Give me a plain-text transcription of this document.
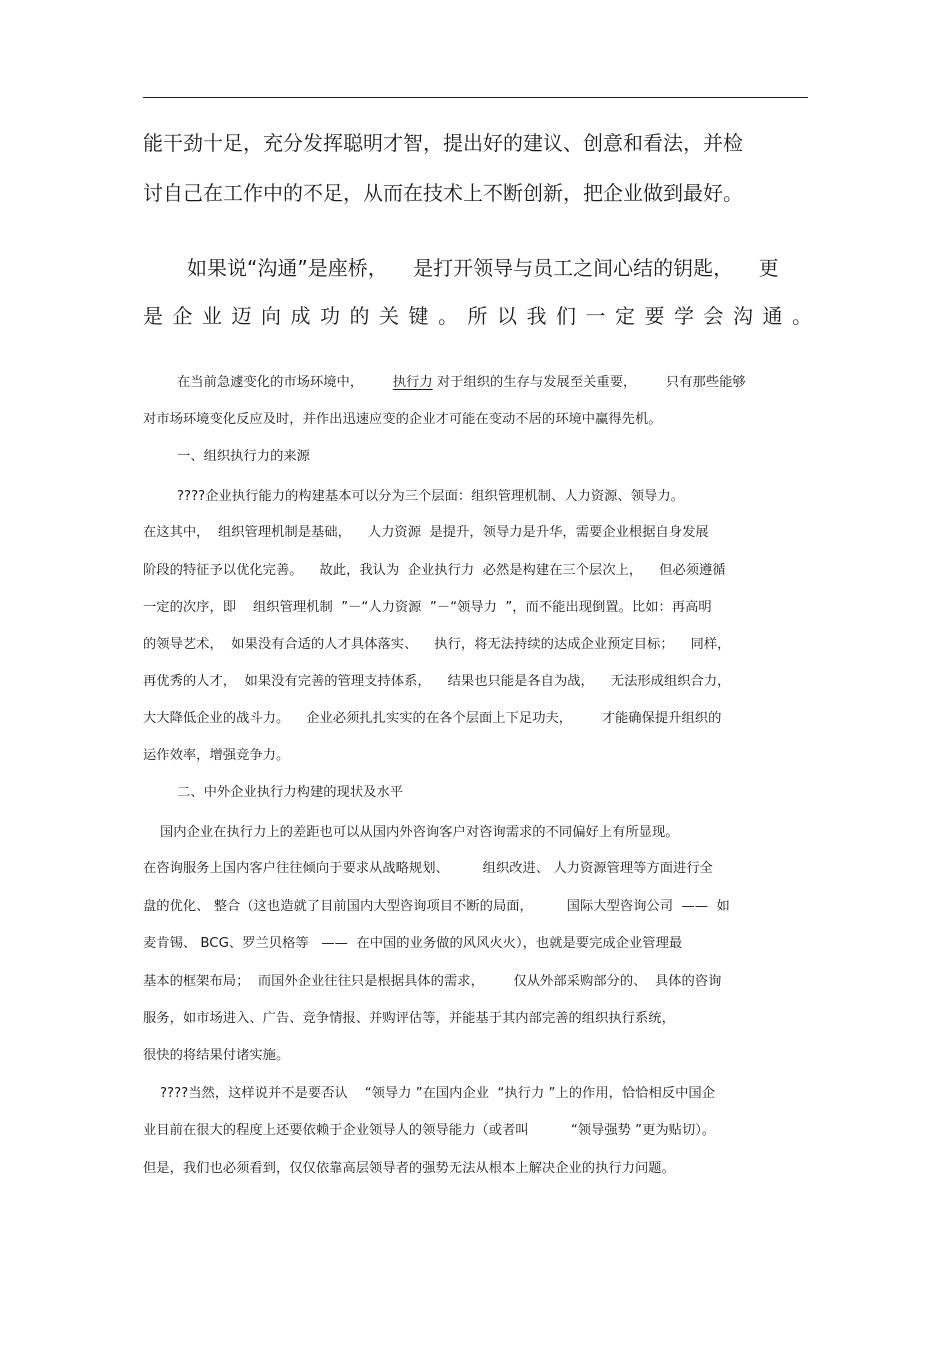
能干劲十足，充分发挥聪明才智，提出好的建议、创意和看法，并检
讨自己在工作中的不足，从而在技术上不断创新，把企业做到最好。
如果说“沟通”是座桥，    是打开领导与员工之间心结的钥匙，    更
是企业迈向成功的关键。所以我们一定要学会沟通。
在当前急遽变化的市场环境中，       执行力 对于组织的生存与发展至关重要，       只有那些能够
对市场环境变化反应及时，并作出迅速应变的企业才可能在变动不居的环境中赢得先机。
一、组织执行力的来源
????企业执行能力的构建基本可以分为三个层面：组织管理机制、人力资源、领导力。
在这其中，  组织管理机制是基础，    人力资源  是提升，领导力是升华，需要企业根据自身发展
阶段的特征予以优化完善。    故此，我认为  企业执行力  必然是构建在三个层次上，    但必须遵循
一定的次序，即    组织管理机制  ”－“人力资源  ”－“领导力  ”，而不能出现倒置。比如：再高明
的领导艺术，  如果没有合适的人才具体落实、    执行，将无法持续的达成企业预定目标；    同样，
再优秀的人才，  如果没有完善的管理支持体系，    结果也只能是各自为战，    无法形成组织合力，
大大降低企业的战斗力。    企业必须扎扎实实的在各个层面上下足功夫，       才能确保提升组织的
运作效率，增强竞争力。
二、中外企业执行力构建的现状及水平
国内企业在执行力上的差距也可以从国内外咨询客户对咨询需求的不同偏好上有所显现。
在咨询服务上国内客户往往倾向于要求从战略规划、        组织改进、 人力资源管理等方面进行全
盘的优化、 整合（这也造就了目前国内大型咨询项目不断的局面，        国际大型咨询公司  ——  如
麦肯锡、 BCG、罗兰贝格等   ——  在中国的业务做的风风火火），也就是要完成企业管理最
基本的框架布局；  而国外企业往往只是根据具体的需求，       仅从外部采购部分的、  具体的咨询
服务，如市场进入、广告、竞争情报、并购评估等，并能基于其内部完善的组织执行系统，
很快的将结果付诸实施。
????当然，这样说并不是要否认    “领导力 ”在国内企业  “执行力 ”上的作用，恰恰相反中国企
业目前在很大的程度上还要依赖于企业领导人的领导能力（或者叫          “领导强势 ”更为贴切）。
但是，我们也必须看到，仅仅依靠高层领导者的强势无法从根本上解决企业的执行力问题。
